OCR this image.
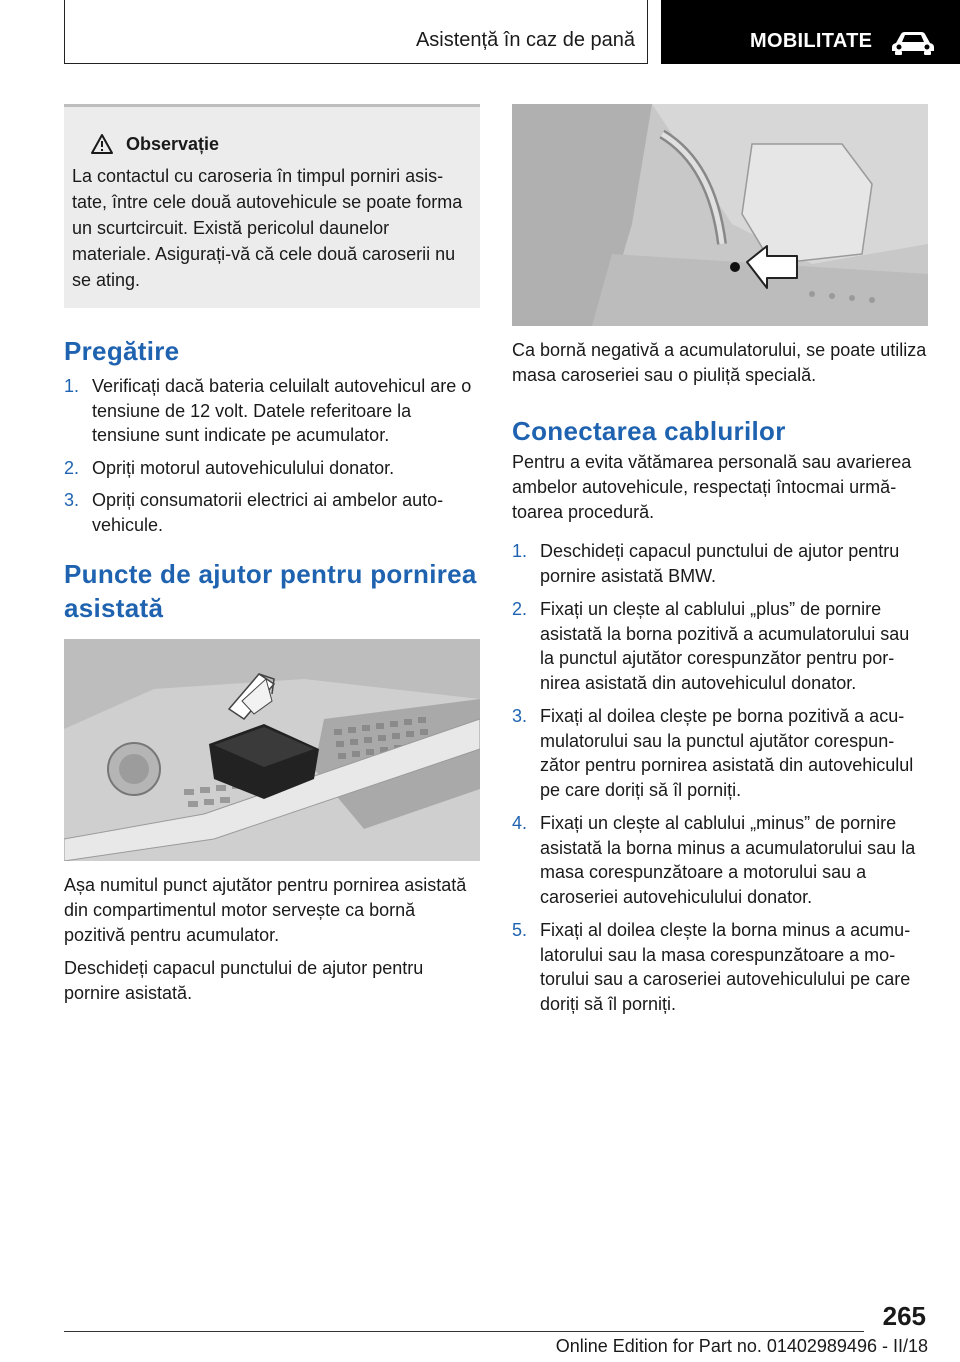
Asistență în caz de pană	MOBILITATE
Observație
La contactul cu caroseria în timpul porniri asistate, între cele două autovehicule se poate forma un scurtcircuit. Există pericolul daunelor materiale. Asigurați-vă că cele două caroserii nu se ating.
Pregătire
1. Verificați dacă bateria celuilalt autovehicul are o tensiune de 12 volt. Datele referitoare la tensiune sunt indicate pe acumulator.
2. Opriți motorul autovehiculului donator.
3. Opriți consumatorii electrici ai ambelor autovehicule.
Puncte de ajutor pentru pornirea asistată

Așa numitul punct ajutător pentru pornirea asistată din compartimentul motor servește ca bornă pozitivă pentru acumulator.

Deschideți capacul punctului de ajutor pentru pornire asistată.

Ca bornă negativă a acumulatorului, se poate utiliza masa caroseriei sau o piuliță specială.

Conectarea cablurilor

Pentru a evita vătămarea personală sau avarierea ambelor autovehicule, respectați întocmai următoarea procedură.

1. Deschideți capacul punctului de ajutor pentru pornire asistată BMW.
2. Fixați un clește al cablului „plus” de pornire asistată la borna pozitivă a acumulatorului sau la punctul ajutător corespunzător pentru pornirea asistată din autovehiculul donator.
3. Fixați al doilea clește pe borna pozitivă a acumulatorului sau la punctul ajutător corespunzător pentru pornirea asistată din autovehiculul pe care doriți să îl porniți.
4. Fixați un clește al cablului „minus” de pornire asistată la borna minus a acumulatorului sau la masa corespunzătoare a motorului sau a caroseriei autovehiculului donator.
5. Fixați al doilea clește la borna minus a acumulatorului sau la masa corespunzătoare a motorului sau a caroseriei autovehiculului pe care doriți să îl porniți.
265
Online Edition for Part no. 01402989496 - II/18
